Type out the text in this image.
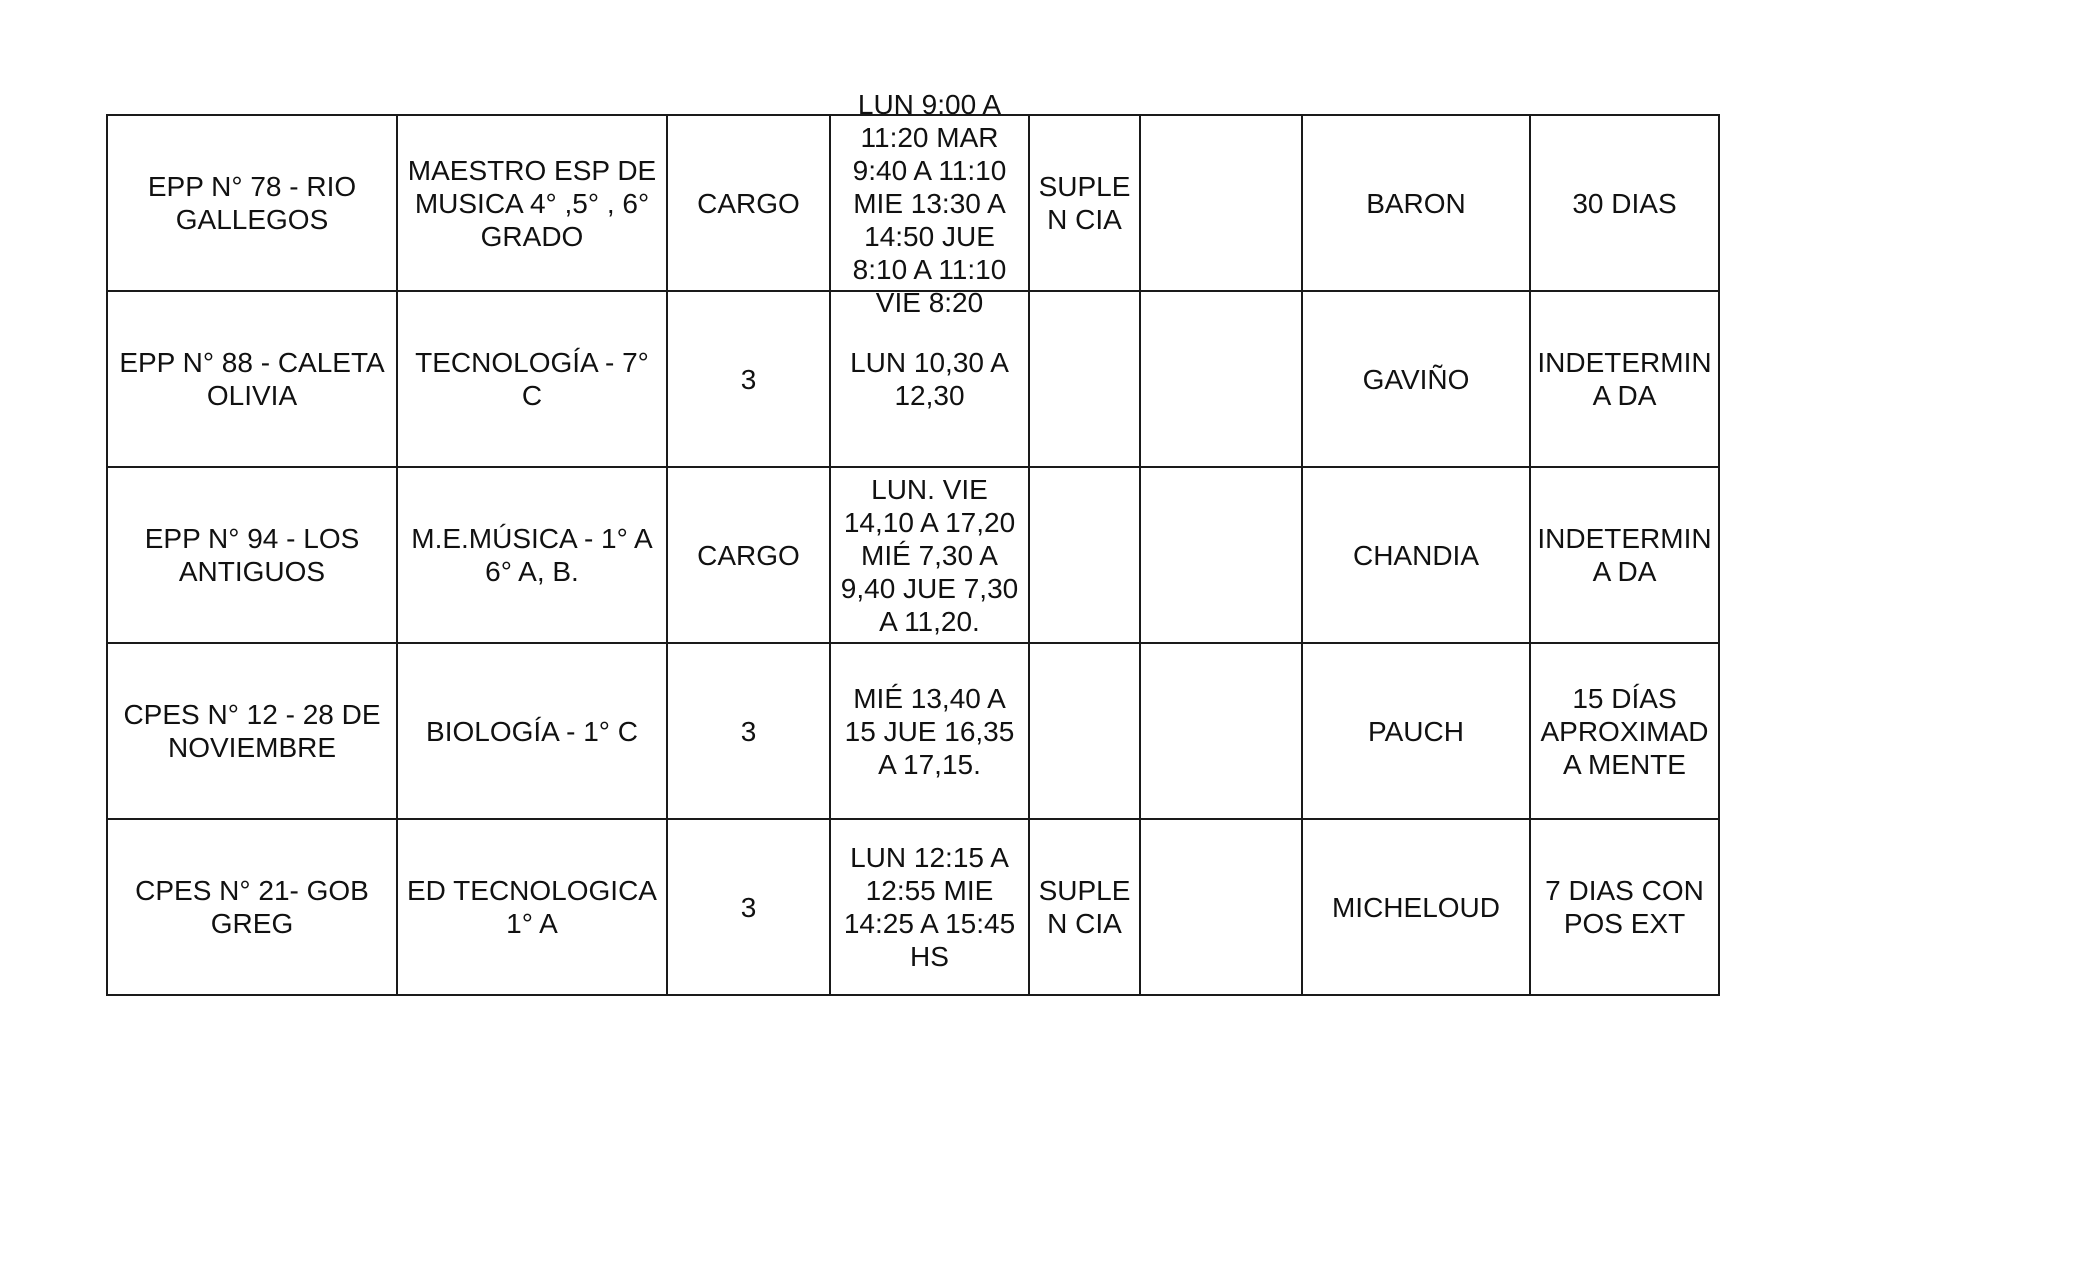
EPP N° 78 - RIO GALLEGOS	MAESTRO ESP DE MUSICA 4° ,5° , 6° GRADO	CARGO	LUN 9:00 A 11:20 MAR 9:40 A 11:10 MIE 13:30 A 14:50 JUE 8:10 A 11:10 VIE 8:20	SUPLEN CIA		BARON	30 DIAS

EPP N° 88 - CALETA OLIVIA	TECNOLOGÍA - 7° C	3	LUN 10,30 A 12,30			GAVIÑO	INDETERMINA DA

EPP N° 94 - LOS ANTIGUOS	M.E.MÚSICA - 1° A 6° A, B.	CARGO	LUN. VIE 14,10 A 17,20 MIÉ 7,30 A 9,40 JUE 7,30 A 11,20.			CHANDIA	INDETERMINA DA

CPES N° 12 - 28 DE NOVIEMBRE	BIOLOGÍA - 1° C	3	MIÉ 13,40 A 15 JUE 16,35 A 17,15.			PAUCH	15 DÍAS APROXIMADA MENTE

CPES N° 21- GOB GREG	ED TECNOLOGICA 1° A	3	LUN 12:15 A 12:55 MIE 14:25 A 15:45 HS	SUPLEN CIA		MICHELOUD	7 DIAS CON POS EXT
